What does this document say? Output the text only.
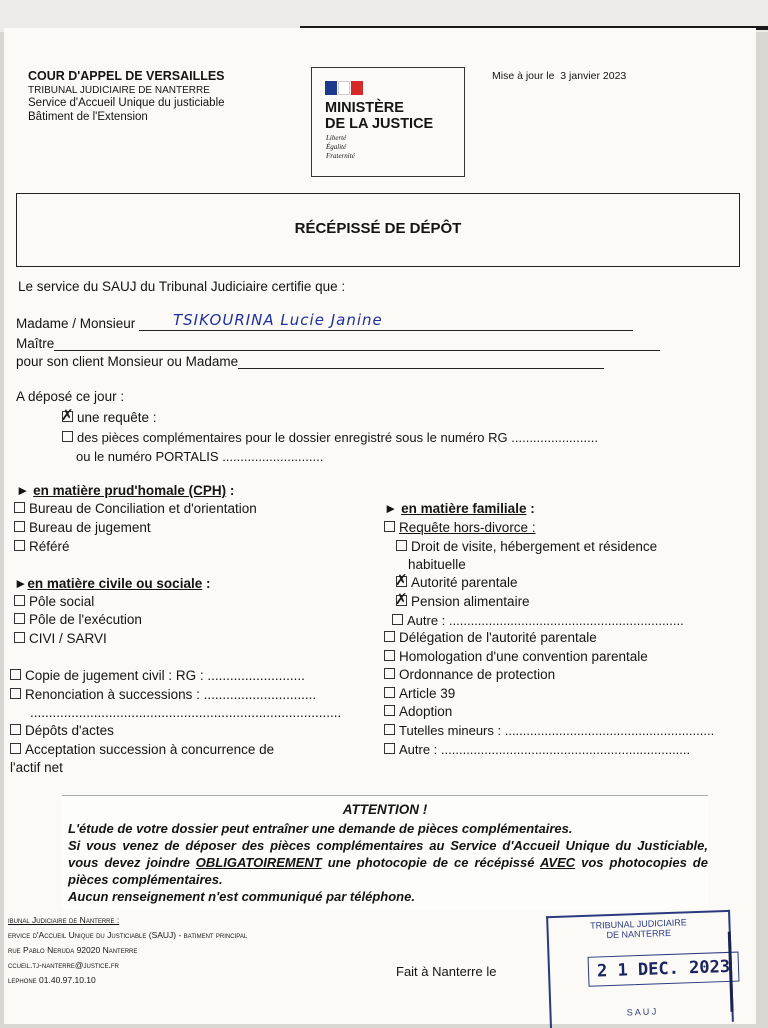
COUR D'APPEL DE VERSAILLES
TRIBUNAL JUDICIAIRE DE NANTERRE
Service d'Accueil Unique du justiciable
Bâtiment de l'Extension
MINISTÈRE
DE LA JUSTICE
Liberté
Égalité
Fraternité
Mise à jour le 3 janvier 2023
RÉCÉPISSÉ DE DÉPÔT
Le service du SAUJ du Tribunal Judiciaire certifie que :
Madame / Monsieur	TSIKOURINA Lucie Janine
Maître
pour son client Monsieur ou Madame
A déposé ce jour :
✗une requête :
des pièces complémentaires pour le dossier enregistré sous le numéro RG ........................
ou le numéro PORTALIS ............................
► en matière prud'homale (CPH) :
Bureau de Conciliation et d'orientation
Bureau de jugement
Référé
►en matière civile ou sociale :
Pôle social
Pôle de l'exécution
CIVI / SARVI
Copie de jugement civil : RG : ..........................
Renonciation à successions : ..............................
...................................................................................
Dépôts d'actes
Acceptation succession à concurrence de
l'actif net
► en matière familiale :
Requête hors-divorce :
Droit de visite, hébergement et résidence
habituelle
✗Autorité parentale
✗Pension alimentaire
Autre : .................................................................
Délégation de l'autorité parentale
Homologation d'une convention parentale
Ordonnance de protection
Article 39
Adoption
Tutelles mineurs : ..........................................................
Autre : .....................................................................
ATTENTION !
L'étude de votre dossier peut entraîner une demande de pièces complémentaires.
Si vous venez de déposer des pièces complémentaires au Service d'Accueil Unique du Justiciable, vous devez joindre OBLIGATOIREMENT une photocopie de ce récépissé AVEC vos photocopies de pièces complémentaires.
Aucun renseignement n'est communiqué par téléphone.
ibunal Judiciaire de Nanterre :
ervice d'Accueil Unique du Justiciable (SAUJ) - batiment principal
rue Pablo Neruda 92020 Nanterre
ccueil.tj-nanterre@justice.fr
lephone 01.40.97.10.10
Fait à Nanterre le
TRIBUNAL JUDICIAIRE
DE NANTERRE
2 1 DEC. 2023
S A U J
